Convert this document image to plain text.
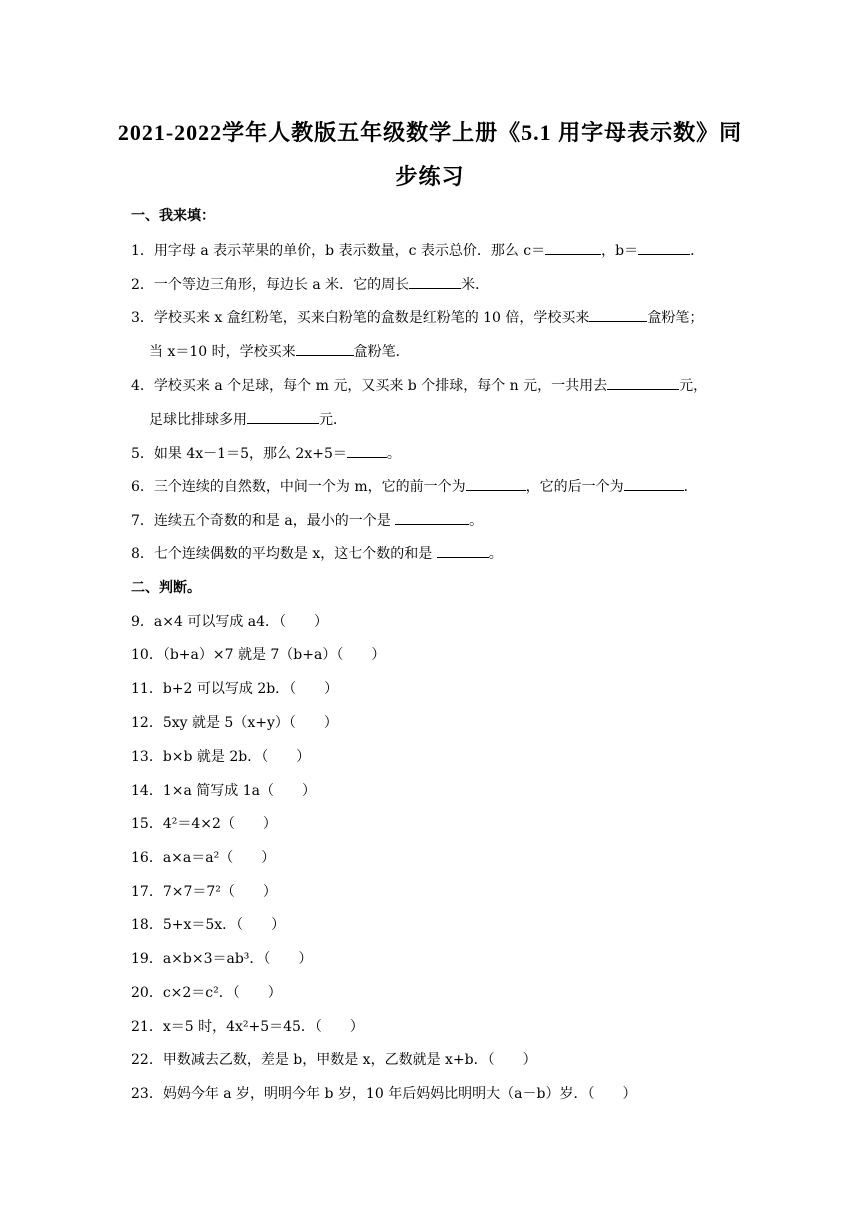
2021-2022学年人教版五年级数学上册《5.1 用字母表示数》同
步练习
一、我来填：
1．用字母 a 表示苹果的单价，b 表示数量，c 表示总价．那么 c＝	，b＝	．
2．一个等边三角形，每边长 a 米．它的周长	米．
3．学校买来 x 盒红粉笔，买来白粉笔的盒数是红粉笔的 10 倍，学校买来	盒粉笔；
当 x＝10 时，学校买来	盒粉笔．
4．学校买来 a 个足球，每个 m 元，又买来 b 个排球，每个 n 元，一共用去	元，
足球比排球多用	元．
5．如果 4x－1＝5，那么 2x+5＝	。
6．三个连续的自然数，中间一个为 m，它的前一个为	，它的后一个为	．
7．连续五个奇数的和是 a，最小的一个是	。
8．七个连续偶数的平均数是 x，这七个数的和是	。
二、判断。
9．a×4 可以写成 a4．（　　）
10．（b+a）×7 就是 7（b+a）（　　）
11．b+2 可以写成 2b．（　　）
12．5xy 就是 5（x+y）（　　）
13．b×b 就是 2b．（　　）
14．1×a 简写成 1a（　　）
15．4²＝4×2（　　）
16．a×a＝a²（　　）
17．7×7＝7²（　　）
18．5+x＝5x．（　　）
19．a×b×3＝ab³．（　　）
20．c×2＝c²．（　　）
21．x＝5 时，4x²+5＝45．（　　）
22．甲数减去乙数，差是 b，甲数是 x，乙数就是 x+b．（　　）
23．妈妈今年 a 岁，明明今年 b 岁，10 年后妈妈比明明大（a－b）岁．（　　）
